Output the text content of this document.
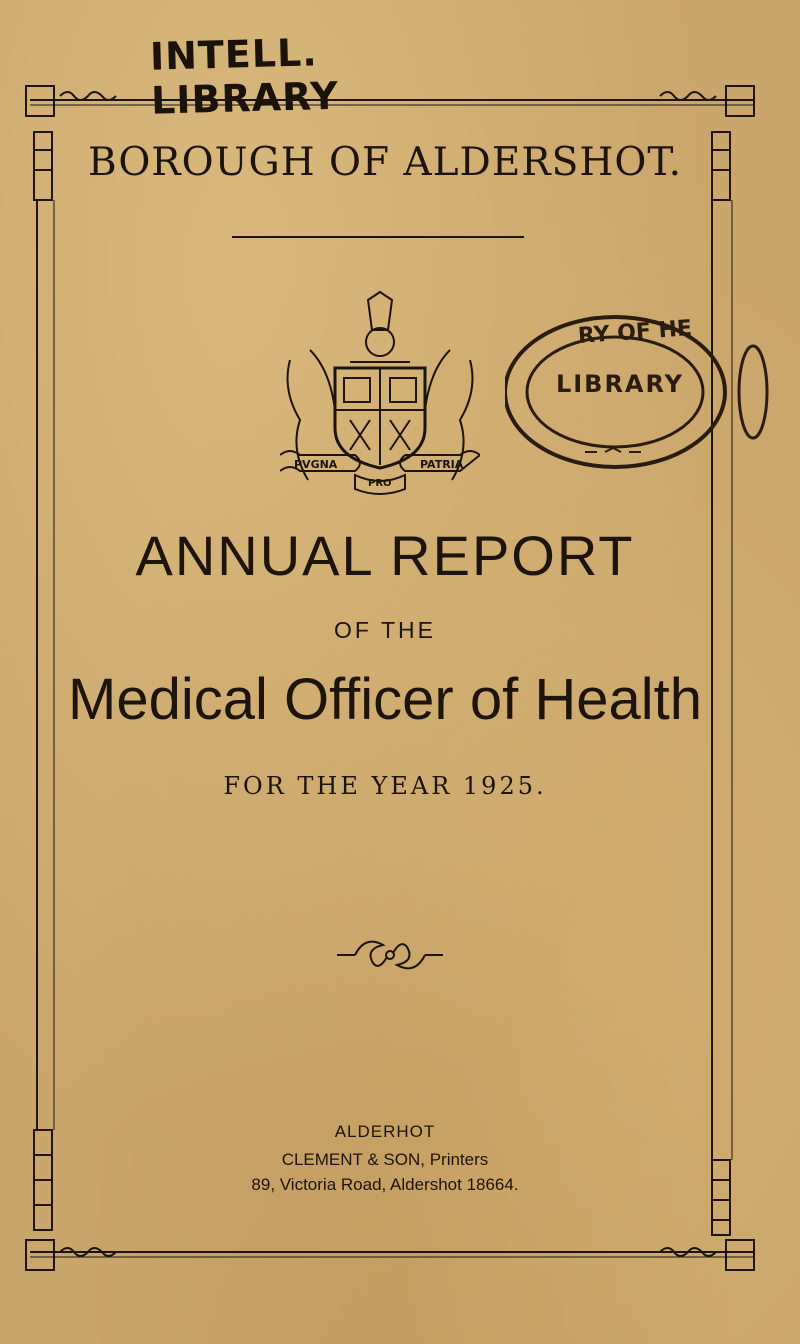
INTELL. LIBRARY
BOROUGH OF ALDERSHOT.
PVGNA
PRO
PATRIA
RY OF HE
LIBRARY
ANNUAL REPORT
OF THE
Medical Officer of Health
FOR THE YEAR 1925.
ALDERHOT
CLEMENT & SON, Printers
89, Victoria Road, Aldershot 18664.
